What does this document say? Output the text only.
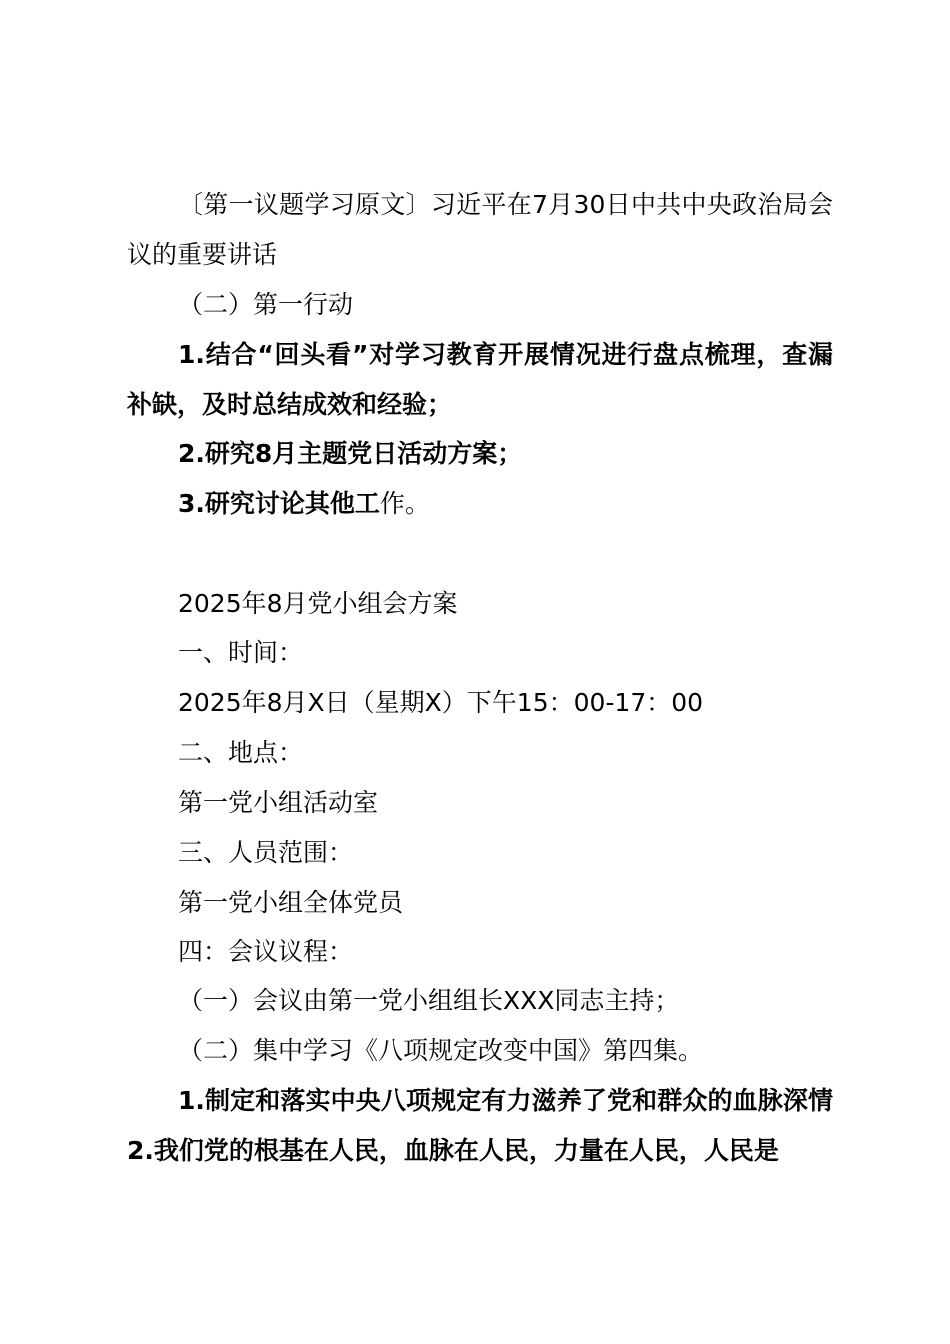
〔第一议题学习原文〕习近平在7月30日中共中央政治局会议的重要讲话

（二）第一行动

1.结合“回头看”对学习教育开展情况进行盘点梳理，查漏补缺，及时总结成效和经验；

2.研究8月主题党日活动方案；

3.研究讨论其他工作。

2025年8月党小组会方案

一、时间：

2025年8月X日（星期X）下午15：00-17：00

二、地点：

第一党小组活动室

三、人员范围：

第一党小组全体党员

四：会议议程：

（一）会议由第一党小组组长XXX同志主持；

（二）集中学习《八项规定改变中国》第四集。

1.制定和落实中央八项规定有力滋养了党和群众的血脉深情2.我们党的根基在人民，血脉在人民，力量在人民，人民是
